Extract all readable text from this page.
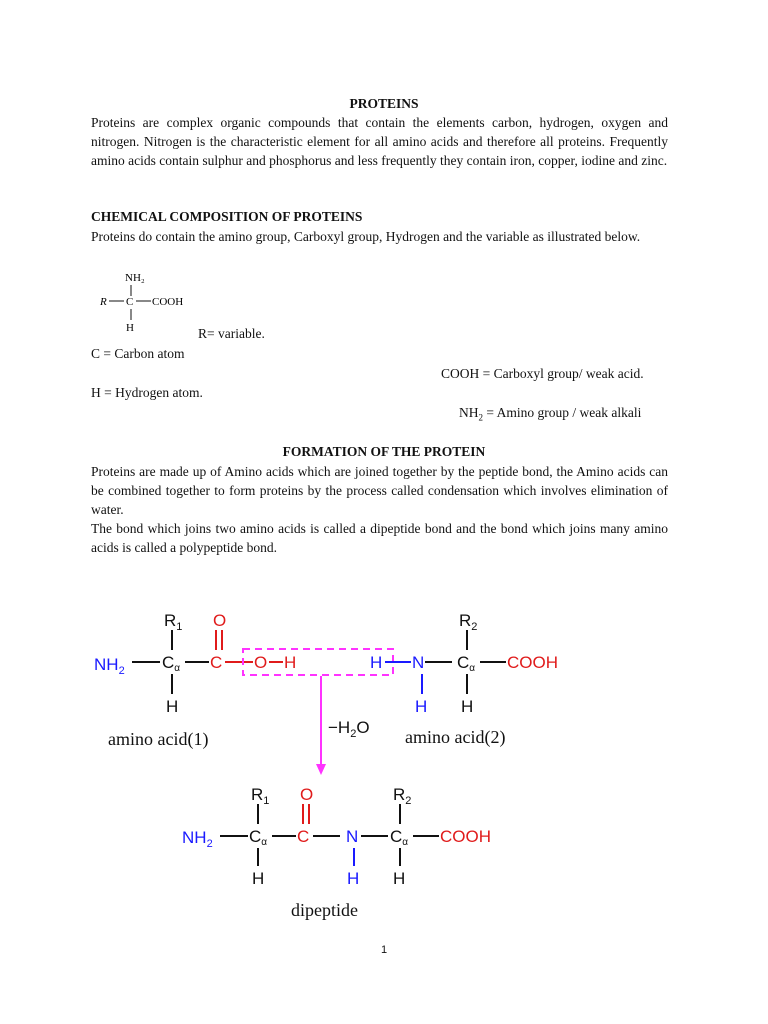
PROTEINS
Proteins are complex organic compounds that contain the elements carbon, hydrogen, oxygen and nitrogen. Nitrogen is the characteristic element for all amino acids and therefore all proteins. Frequently amino acids contain sulphur and phosphorus and less frequently they contain iron, copper, iodine and zinc.
CHEMICAL COMPOSITION OF PROTEINS
Proteins do contain the amino group, Carboxyl group, Hydrogen and the variable as illustrated below.
NH₂
R C COOH
H	R= variable.
C = Carbon atom
COOH = Carboxyl group/ weak acid.
H = Hydrogen atom.
$NH_2 = Amino$ group / weak alkali
FORMATION OF THE PROTEIN
Proteins are made up of Amino acids which are joined together by the peptide bond, the Amino acids can be combined together to form proteins by the process called condensation which involves elimination of water.
The bond which joins two amino acids is called a dipeptide bond and the bond which joins many amino acids is called a polypeptide bond.
$R_1$ O
$NH_2$ Cα C O H
H
H N
H
$R_2$
Cα COOH
H
amino acid(1)	amino acid(2)
$-H_2O$
$R_1$ O	$R_2$
$NH_2$ Cα C N Cα COOH
H	H H
dipeptide
1
